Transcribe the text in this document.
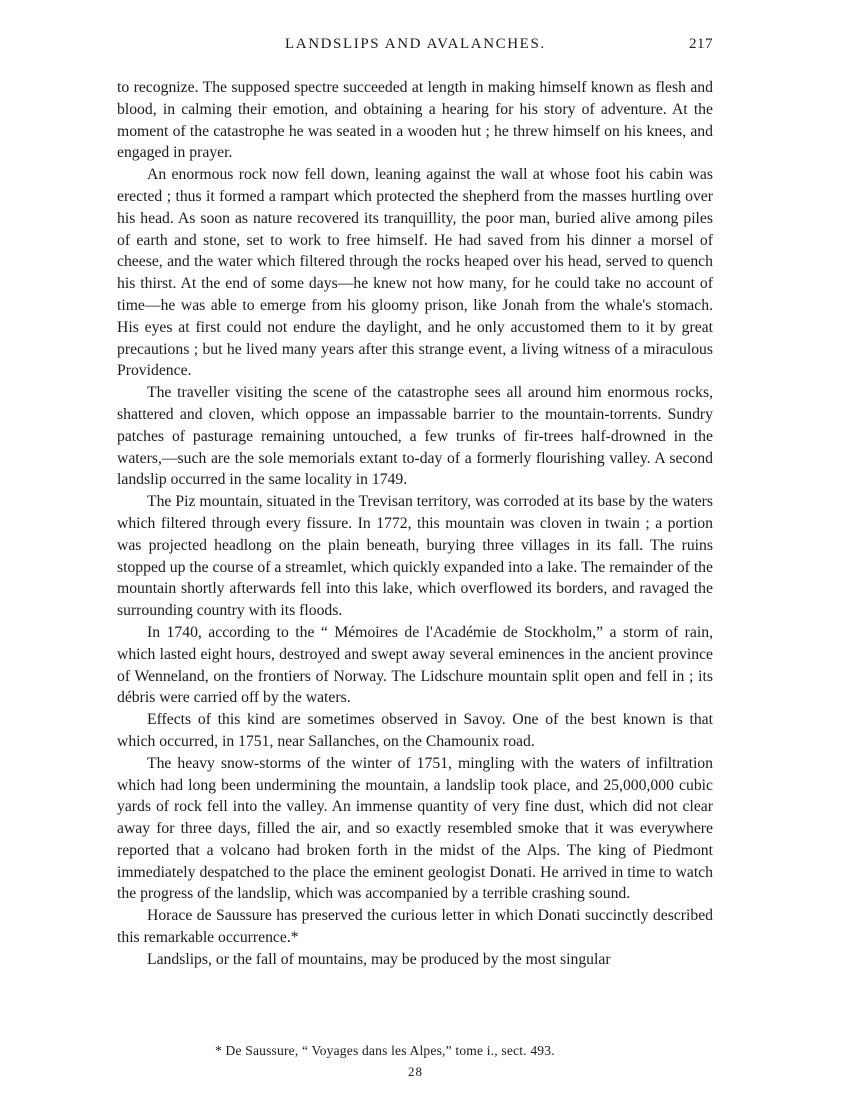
LANDSLIPS AND AVALANCHES.	217

to recognize. The supposed spectre succeeded at length in making himself known as flesh and blood, in calming their emotion, and obtaining a hearing for his story of adventure. At the moment of the catastrophe he was seated in a wooden hut ; he threw himself on his knees, and engaged in prayer.

An enormous rock now fell down, leaning against the wall at whose foot his cabin was erected ; thus it formed a rampart which protected the shepherd from the masses hurtling over his head. As soon as nature recovered its tranquillity, the poor man, buried alive among piles of earth and stone, set to work to free himself. He had saved from his dinner a morsel of cheese, and the water which filtered through the rocks heaped over his head, served to quench his thirst. At the end of some days—he knew not how many, for he could take no account of time—he was able to emerge from his gloomy prison, like Jonah from the whale's stomach. His eyes at first could not endure the daylight, and he only accustomed them to it by great precautions ; but he lived many years after this strange event, a living witness of a miraculous Providence.

The traveller visiting the scene of the catastrophe sees all around him enormous rocks, shattered and cloven, which oppose an impassable barrier to the mountain-torrents. Sundry patches of pasturage remaining untouched, a few trunks of fir-trees half-drowned in the waters,—such are the sole memorials extant to-day of a formerly flourishing valley. A second landslip occurred in the same locality in 1749.

The Piz mountain, situated in the Trevisan territory, was corroded at its base by the waters which filtered through every fissure. In 1772, this mountain was cloven in twain ; a portion was projected headlong on the plain beneath, burying three villages in its fall. The ruins stopped up the course of a streamlet, which quickly expanded into a lake. The remainder of the mountain shortly afterwards fell into this lake, which overflowed its borders, and ravaged the surrounding country with its floods.

In 1740, according to the “ Mémoires de l'Académie de Stockholm,” a storm of rain, which lasted eight hours, destroyed and swept away several eminences in the ancient province of Wenneland, on the frontiers of Norway. The Lidschure mountain split open and fell in ; its débris were carried off by the waters.

Effects of this kind are sometimes observed in Savoy. One of the best known is that which occurred, in 1751, near Sallanches, on the Chamounix road.

The heavy snow-storms of the winter of 1751, mingling with the waters of infiltration which had long been undermining the mountain, a landslip took place, and 25,000,000 cubic yards of rock fell into the valley. An immense quantity of very fine dust, which did not clear away for three days, filled the air, and so exactly resembled smoke that it was everywhere reported that a volcano had broken forth in the midst of the Alps. The king of Piedmont immediately despatched to the place the eminent geologist Donati. He arrived in time to watch the progress of the landslip, which was accompanied by a terrible crashing sound.

Horace de Saussure has preserved the curious letter in which Donati succinctly described this remarkable occurrence.*

Landslips, or the fall of mountains, may be produced by the most singular

* De Saussure, “ Voyages dans les Alpes,” tome i., sect. 493.
28
